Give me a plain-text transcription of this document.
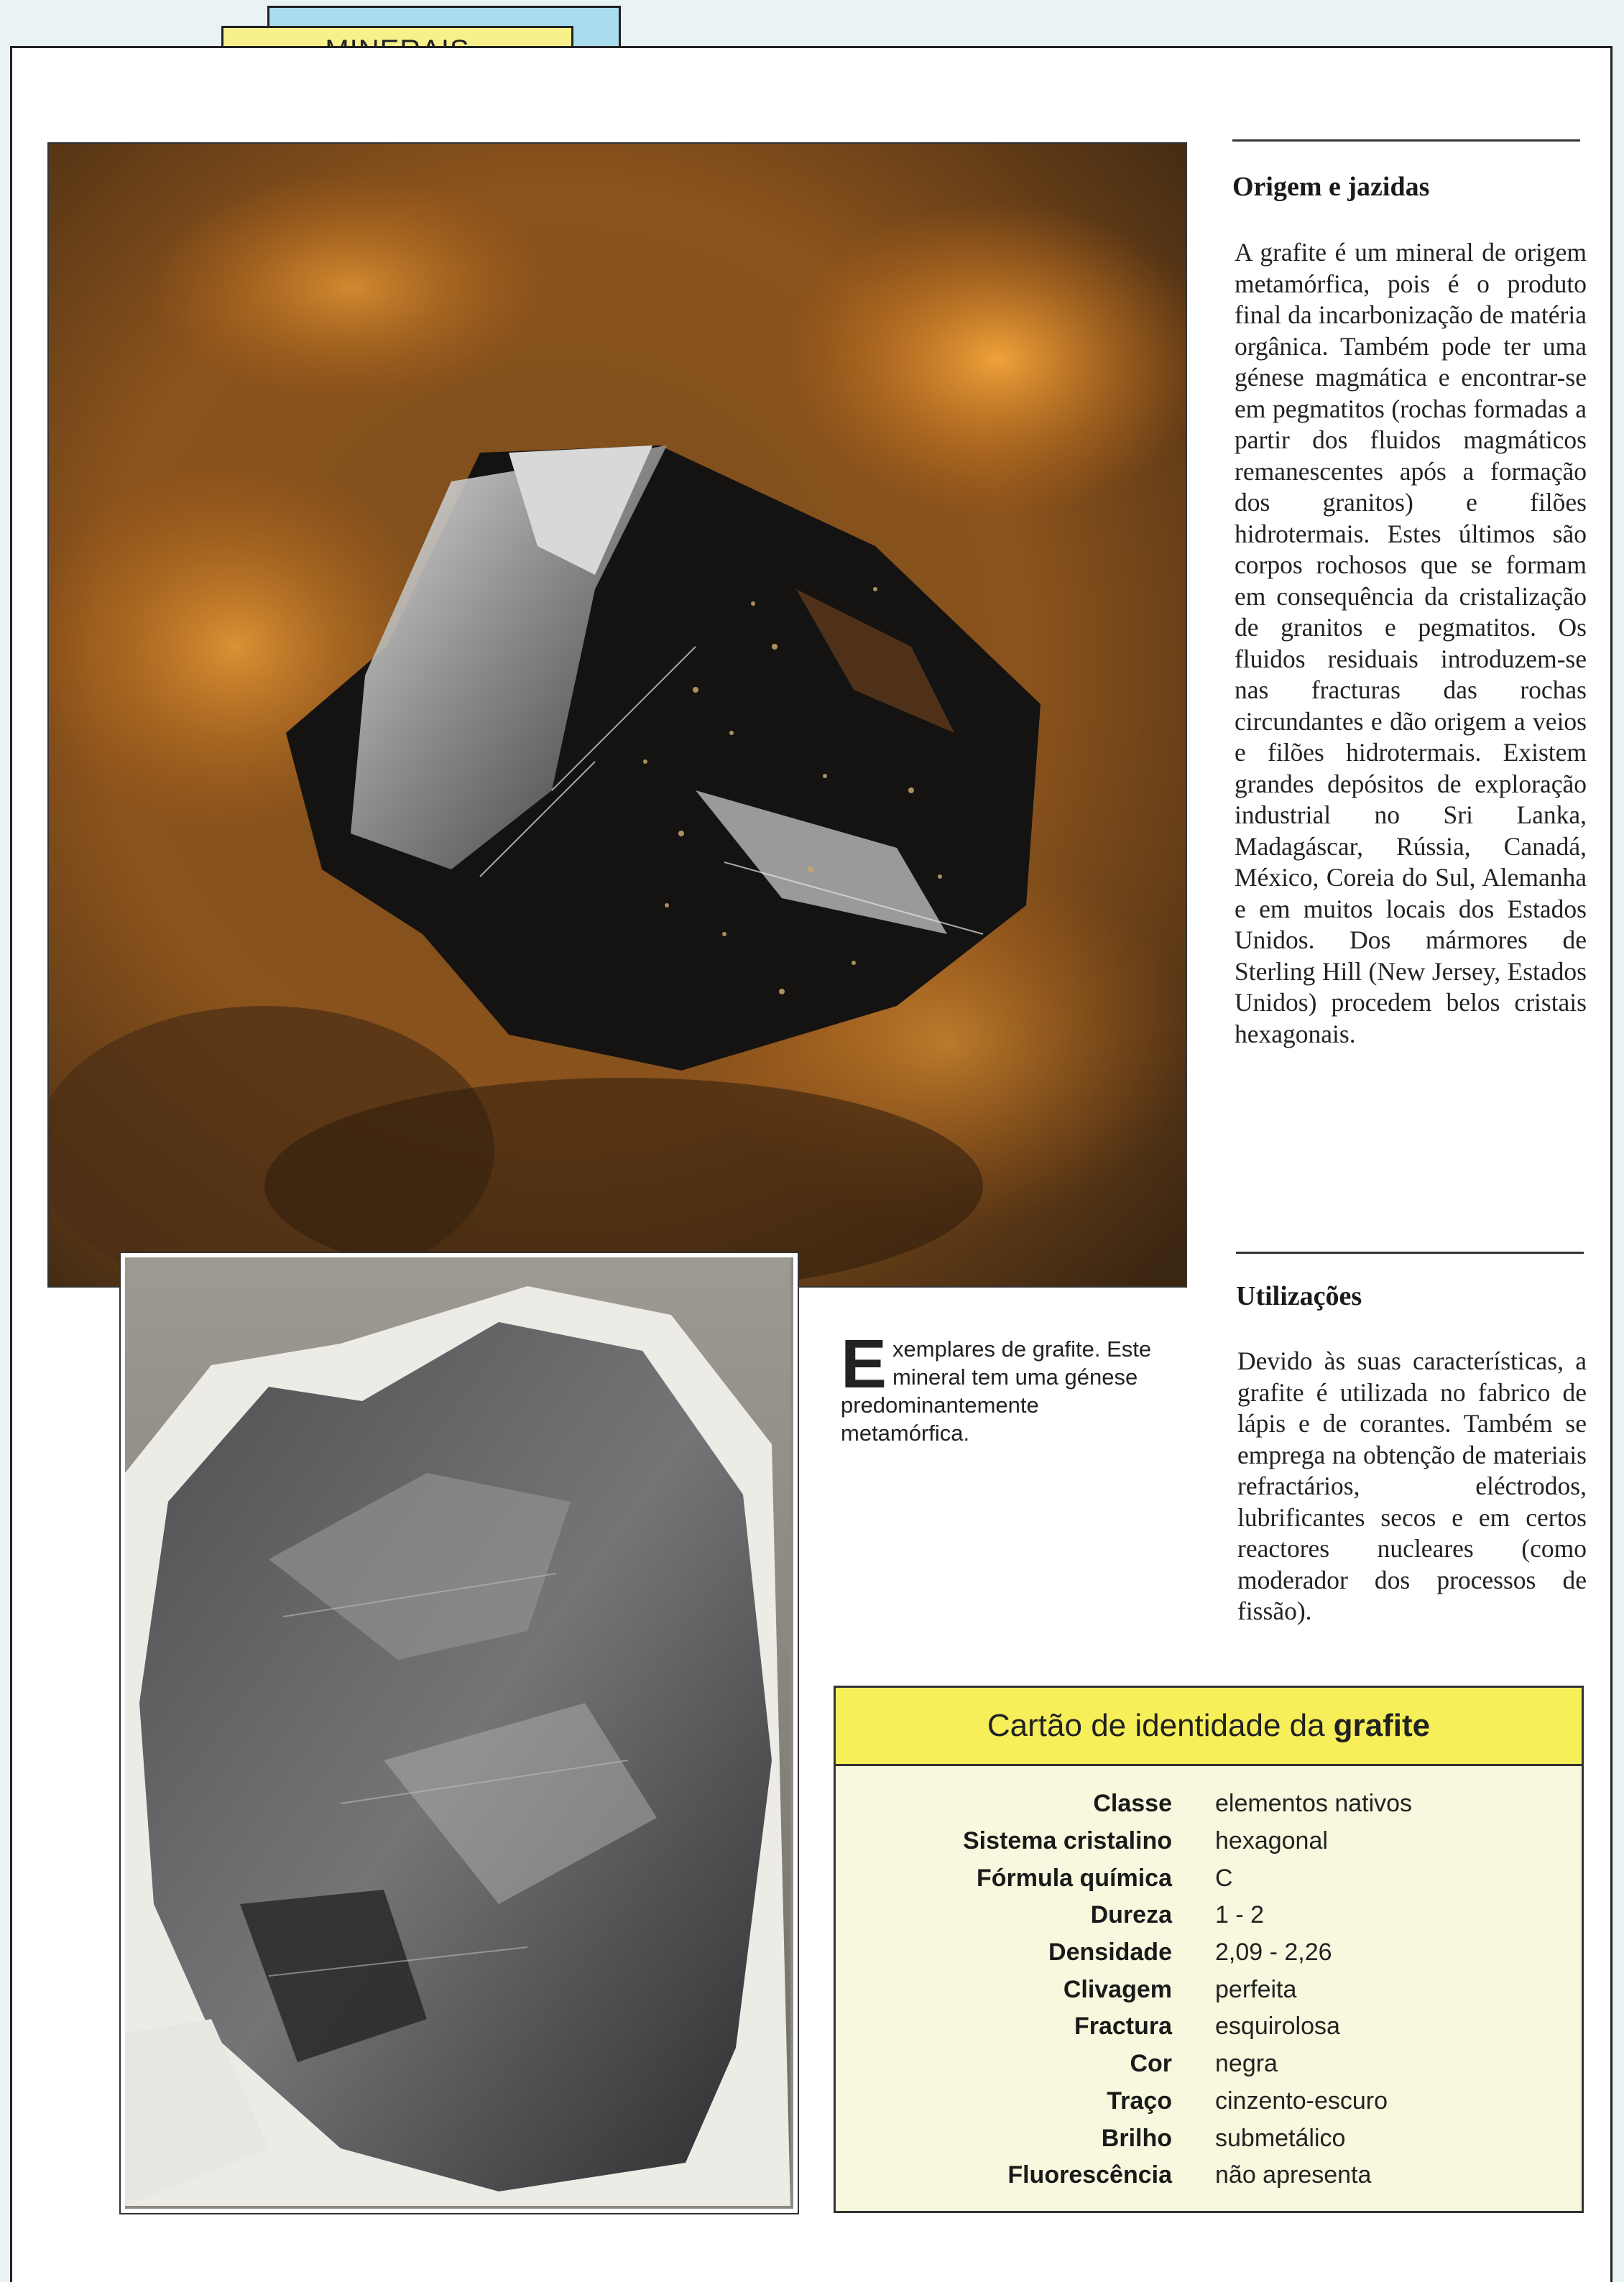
Origem e jazidas
A grafite é um mineral de origem metamórfica, pois é o produto final da incarbonização de matéria orgânica. Também pode ter uma génese magmática e encontrar-se em pegmatitos (rochas formadas a partir dos fluidos magmáticos remanescentes após a formação dos granitos) e filões hidrotermais. Estes últimos são corpos rochosos que se formam em consequência da cristalização de granitos e pegmatitos. Os fluidos residuais introduzem-se nas fracturas das rochas circundantes e dão origem a veios e filões hidrotermais. Existem grandes depósitos de exploração industrial no Sri Lanka, Madagáscar, Rússia, Canadá, México, Coreia do Sul, Alemanha e em muitos locais dos Estados Unidos. Dos mármores de Sterling Hill (New Jersey, Estados Unidos) procedem belos cristais hexagonais.
Utilizações
Devido às suas características, a grafite é utilizada no fabrico de lápis e de corantes. Também se emprega na obtenção de materiais refractários, eléctrodos, lubrificantes secos e em certos reactores nucleares (como moderador dos processos de fissão).
E xemplares de grafite. Este mineral tem uma génese predominantemente metamórfica.
Cartão de identidade da grafite
Classe elementos nativos
Sistema cristalino hexagonal
Fórmula química C
Dureza 1 - 2
Densidade 2,09 - 2,26
Clivagem perfeita
Fractura esquirolosa
Cor negra
Traço cinzento-escuro
Brilho submetálico
Fluorescência não apresenta
